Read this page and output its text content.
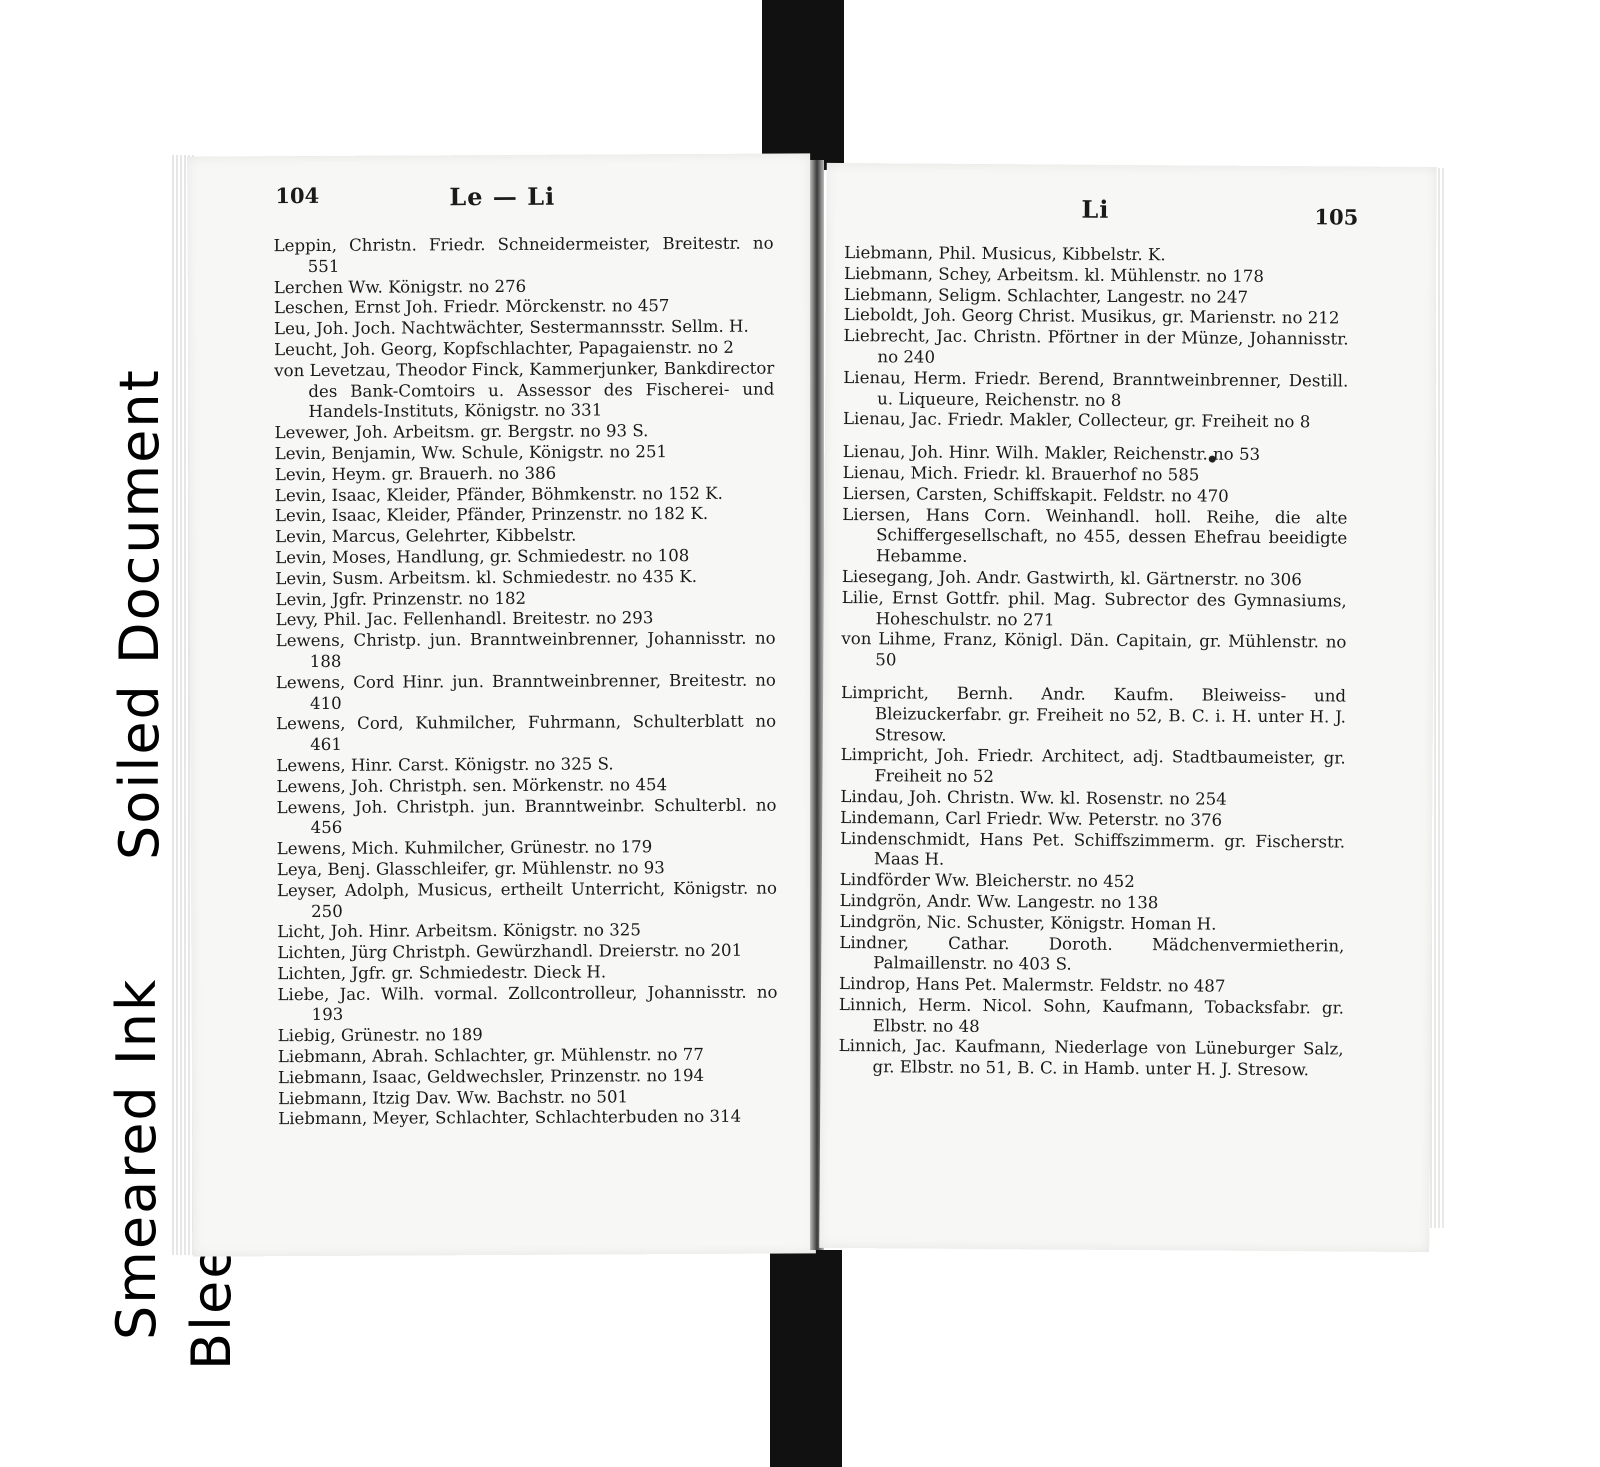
Soiled Document
Bleed
Smeared Ink
104	Le — Li
Leppin, Christn. Friedr. Schneidermeister, Breitestr. no 551
Lerchen Ww. Königstr. no 276
Leschen, Ernst Joh. Friedr. Mörckenstr. no 457
Leu, Joh. Joch. Nachtwächter, Sestermannsstr. Sellm. H.
Leucht, Joh. Georg, Kopfschlachter, Papagaienstr. no 2
von Levetzau, Theodor Finck, Kammerjunker, Bankdirector des Bank-Comtoirs u. Assessor des Fischerei- und Handels-Instituts, Königstr. no 331
Levewer, Joh. Arbeitsm. gr. Bergstr. no 93 S.
Levin, Benjamin, Ww. Schule, Königstr. no 251
Levin, Heym. gr. Brauerh. no 386
Levin, Isaac, Kleider, Pfänder, Böhmkenstr. no 152 K.
Levin, Isaac, Kleider, Pfänder, Prinzenstr. no 182 K.
Levin, Marcus, Gelehrter, Kibbelstr.
Levin, Moses, Handlung, gr. Schmiedestr. no 108
Levin, Susm. Arbeitsm. kl. Schmiedestr. no 435 K.
Levin, Jgfr. Prinzenstr. no 182
Levy, Phil. Jac. Fellenhandl. Breitestr. no 293
Lewens, Christp. jun. Branntweinbrenner, Johannisstr. no 188
Lewens, Cord Hinr. jun. Branntweinbrenner, Breitestr. no 410
Lewens, Cord, Kuhmilcher, Fuhrmann, Schulterblatt no 461
Lewens, Hinr. Carst. Königstr. no 325 S.
Lewens, Joh. Christph. sen. Mörkenstr. no 454
Lewens, Joh. Christph. jun. Branntweinbr. Schulterbl. no 456
Lewens, Mich. Kuhmilcher, Grünestr. no 179
Leya, Benj. Glasschleifer, gr. Mühlenstr. no 93
Leyser, Adolph, Musicus, ertheilt Unterricht, Königstr. no 250
Licht, Joh. Hinr. Arbeitsm. Königstr. no 325
Lichten, Jürg Christph. Gewürzhandl. Dreierstr. no 201
Lichten, Jgfr. gr. Schmiedestr. Dieck H.
Liebe, Jac. Wilh. vormal. Zollcontrolleur, Johannisstr. no 193
Liebig, Grünestr. no 189
Liebmann, Abrah. Schlachter, gr. Mühlenstr. no 77
Liebmann, Isaac, Geldwechsler, Prinzenstr. no 194
Liebmann, Itzig Dav. Ww. Bachstr. no 501
Liebmann, Meyer, Schlachter, Schlachterbuden no 314
Li	105
Liebmann, Phil. Musicus, Kibbelstr. K.
Liebmann, Schey, Arbeitsm. kl. Mühlenstr. no 178
Liebmann, Seligm. Schlachter, Langestr. no 247
Lieboldt, Joh. Georg Christ. Musikus, gr. Marienstr. no 212
Liebrecht, Jac. Christn. Pförtner in der Münze, Johannisstr. no 240
Lienau, Herm. Friedr. Berend, Branntweinbrenner, Destill. u. Liqueure, Reichenstr. no 8
Lienau, Jac. Friedr. Makler, Collecteur, gr. Freiheit no 8
Lienau, Joh. Hinr. Wilh. Makler, Reichenstr. no 53
Lienau, Mich. Friedr. kl. Brauerhof no 585
Liersen, Carsten, Schiffskapit. Feldstr. no 470
Liersen, Hans Corn. Weinhandl. holl. Reihe, die alte Schiffergesellschaft, no 455, dessen Ehefrau beeidigte Hebamme.
Liesegang, Joh. Andr. Gastwirth, kl. Gärtnerstr. no 306
Lilie, Ernst Gottfr. phil. Mag. Subrector des Gymnasiums, Hoheschulstr. no 271
von Lihme, Franz, Königl. Dän. Capitain, gr. Mühlenstr. no 50
Limpricht, Bernh. Andr. Kaufm. Bleiweiss- und Bleizuckerfabr. gr. Freiheit no 52, B. C. i. H. unter H. J. Stresow.
Limpricht, Joh. Friedr. Architect, adj. Stadtbaumeister, gr. Freiheit no 52
Lindau, Joh. Christn. Ww. kl. Rosenstr. no 254
Lindemann, Carl Friedr. Ww. Peterstr. no 376
Lindenschmidt, Hans Pet. Schiffszimmerm. gr. Fischerstr. Maas H.
Lindförder Ww. Bleicherstr. no 452
Lindgrön, Andr. Ww. Langestr. no 138
Lindgrön, Nic. Schuster, Königstr. Homan H.
Lindner, Cathar. Doroth. Mädchenvermietherin, Palmaillenstr. no 403 S.
Lindrop, Hans Pet. Malermstr. Feldstr. no 487
Linnich, Herm. Nicol. Sohn, Kaufmann, Tobacksfabr. gr. Elbstr. no 48
Linnich, Jac. Kaufmann, Niederlage von Lüneburger Salz, gr. Elbstr. no 51, B. C. in Hamb. unter H. J. Stresow.
